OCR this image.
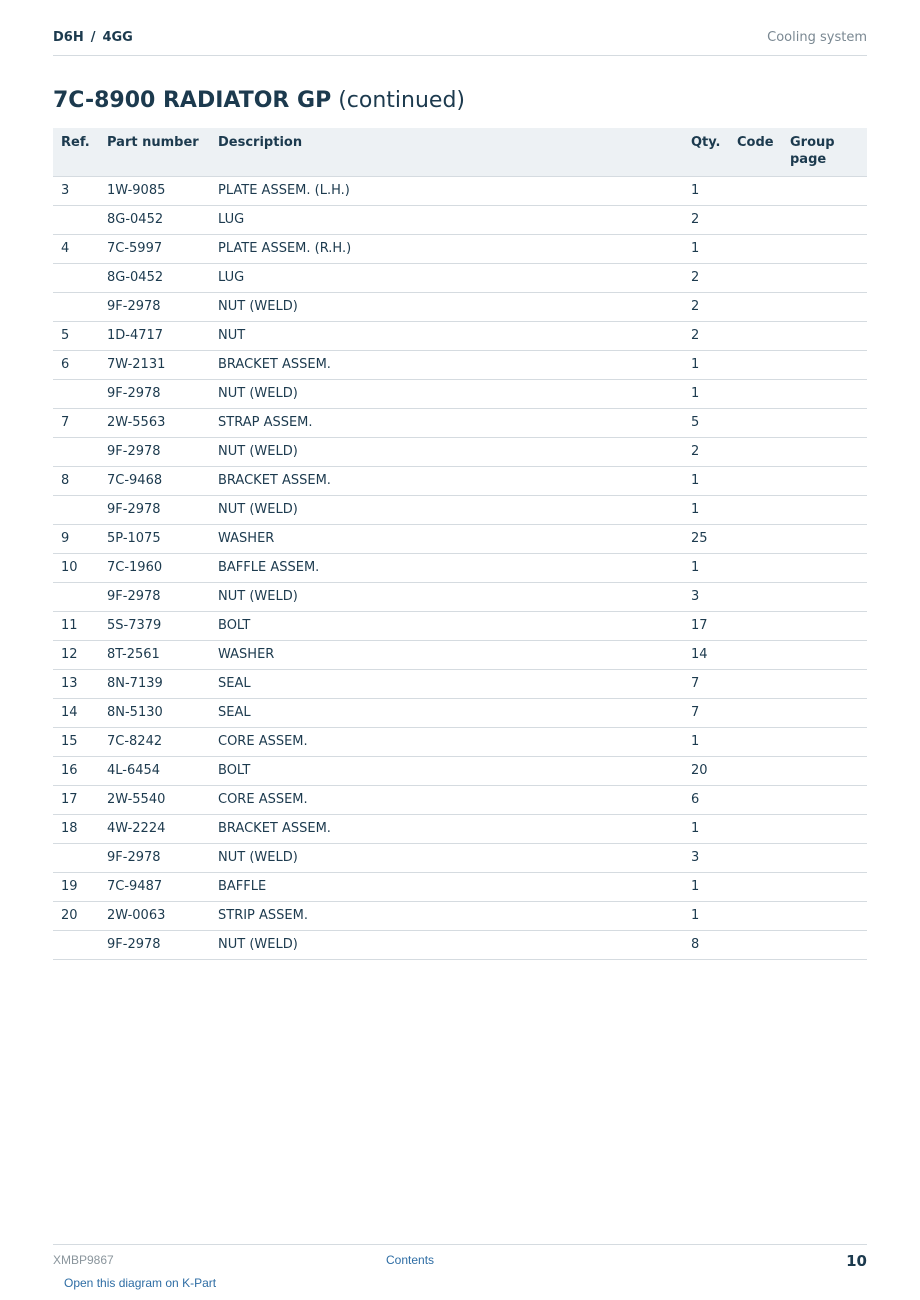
D6H / 4GG	Cooling system
7C-8900 RADIATOR GP (continued)
Ref.	Part number	Description	Qty.	Code	Group page
3	1W-9085	PLATE ASSEM. (L.H.)	1		
	8G-0452	LUG	2		
4	7C-5997	PLATE ASSEM. (R.H.)	1		
	8G-0452	LUG	2		
	9F-2978	NUT (WELD)	2		
5	1D-4717	NUT	2		
6	7W-2131	BRACKET ASSEM.	1		
	9F-2978	NUT (WELD)	1		
7	2W-5563	STRAP ASSEM.	5		
	9F-2978	NUT (WELD)	2		
8	7C-9468	BRACKET ASSEM.	1		
	9F-2978	NUT (WELD)	1		
9	5P-1075	WASHER	25		
10	7C-1960	BAFFLE ASSEM.	1		
	9F-2978	NUT (WELD)	3		
11	5S-7379	BOLT	17		
12	8T-2561	WASHER	14		
13	8N-7139	SEAL	7		
14	8N-5130	SEAL	7		
15	7C-8242	CORE ASSEM.	1		
16	4L-6454	BOLT	20		
17	2W-5540	CORE ASSEM.	6		
18	4W-2224	BRACKET ASSEM.	1		
	9F-2978	NUT (WELD)	3		
19	7C-9487	BAFFLE	1		
20	2W-0063	STRIP ASSEM.	1		
	9F-2978	NUT (WELD)	8		
XMBP9867	Contents	10
Open this diagram on K-Part
